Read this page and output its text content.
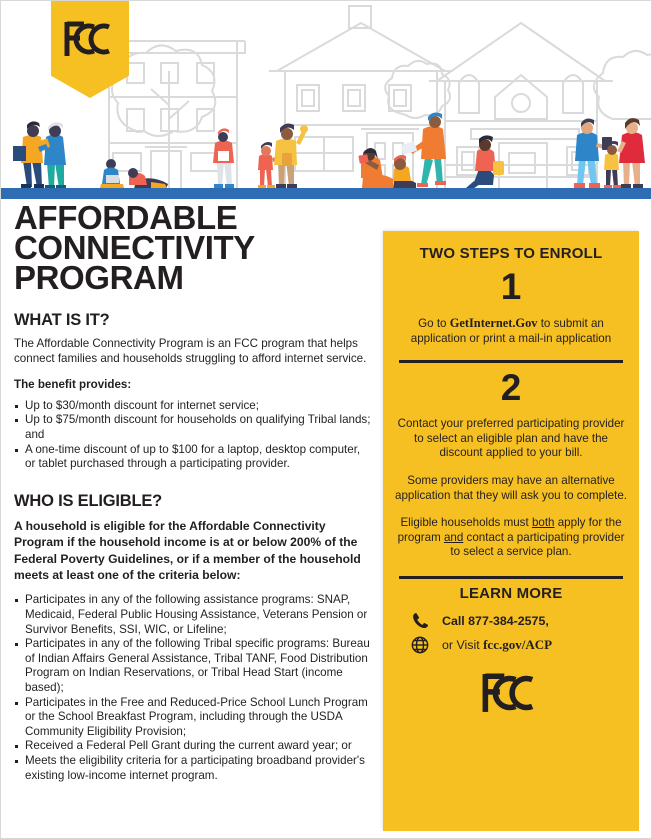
AFFORDABLE
CONNECTIVITY
PROGRAM
WHAT IS IT?

The Affordable Connectivity Program is an FCC program that helps connect families and households struggling to afford internet service.

The benefit provides:

Up to $30/month discount for internet service;
Up to $75/month discount for households on qualifying Tribal lands; and
A one-time discount of up to $100 for a laptop, desktop computer, or tablet purchased through a participating provider.
WHO IS ELIGIBLE?

A household is eligible for the Affordable Connectivity Program if the household income is at or below 200% of the Federal Poverty Guidelines, or if a member of the household meets at least one of the criteria below:

Participates in any of the following assistance programs: SNAP, Medicaid, Federal Public Housing Assistance, Veterans Pension or Survivor Benefits, SSI, WIC, or Lifeline;
Participates in any of the following Tribal specific programs: Bureau of Indian Affairs General Assistance, Tribal TANF, Food Distribution Program on Indian Reservations, or Tribal Head Start (income based);
Participates in the Free and Reduced-Price School Lunch Program or the School Breakfast Program, including through the USDA Community Eligibility Provision;
Received a Federal Pell Grant during the current award year; or
Meets the eligibility criteria for a participating broadband provider's existing low-income internet program.
TWO STEPS TO ENROLL
1

Go to GetInternet.Gov to submit an application or print a mail-in application

2

Contact your preferred participating provider to select an eligible plan and have the discount applied to your bill.

Some providers may have an alternative application that they will ask you to complete.

Eligible households must both apply for the program and contact a participating provider to select a service plan.

LEARN MORE
Call 877-384-2575,
or Visit fcc.gov/ACP
